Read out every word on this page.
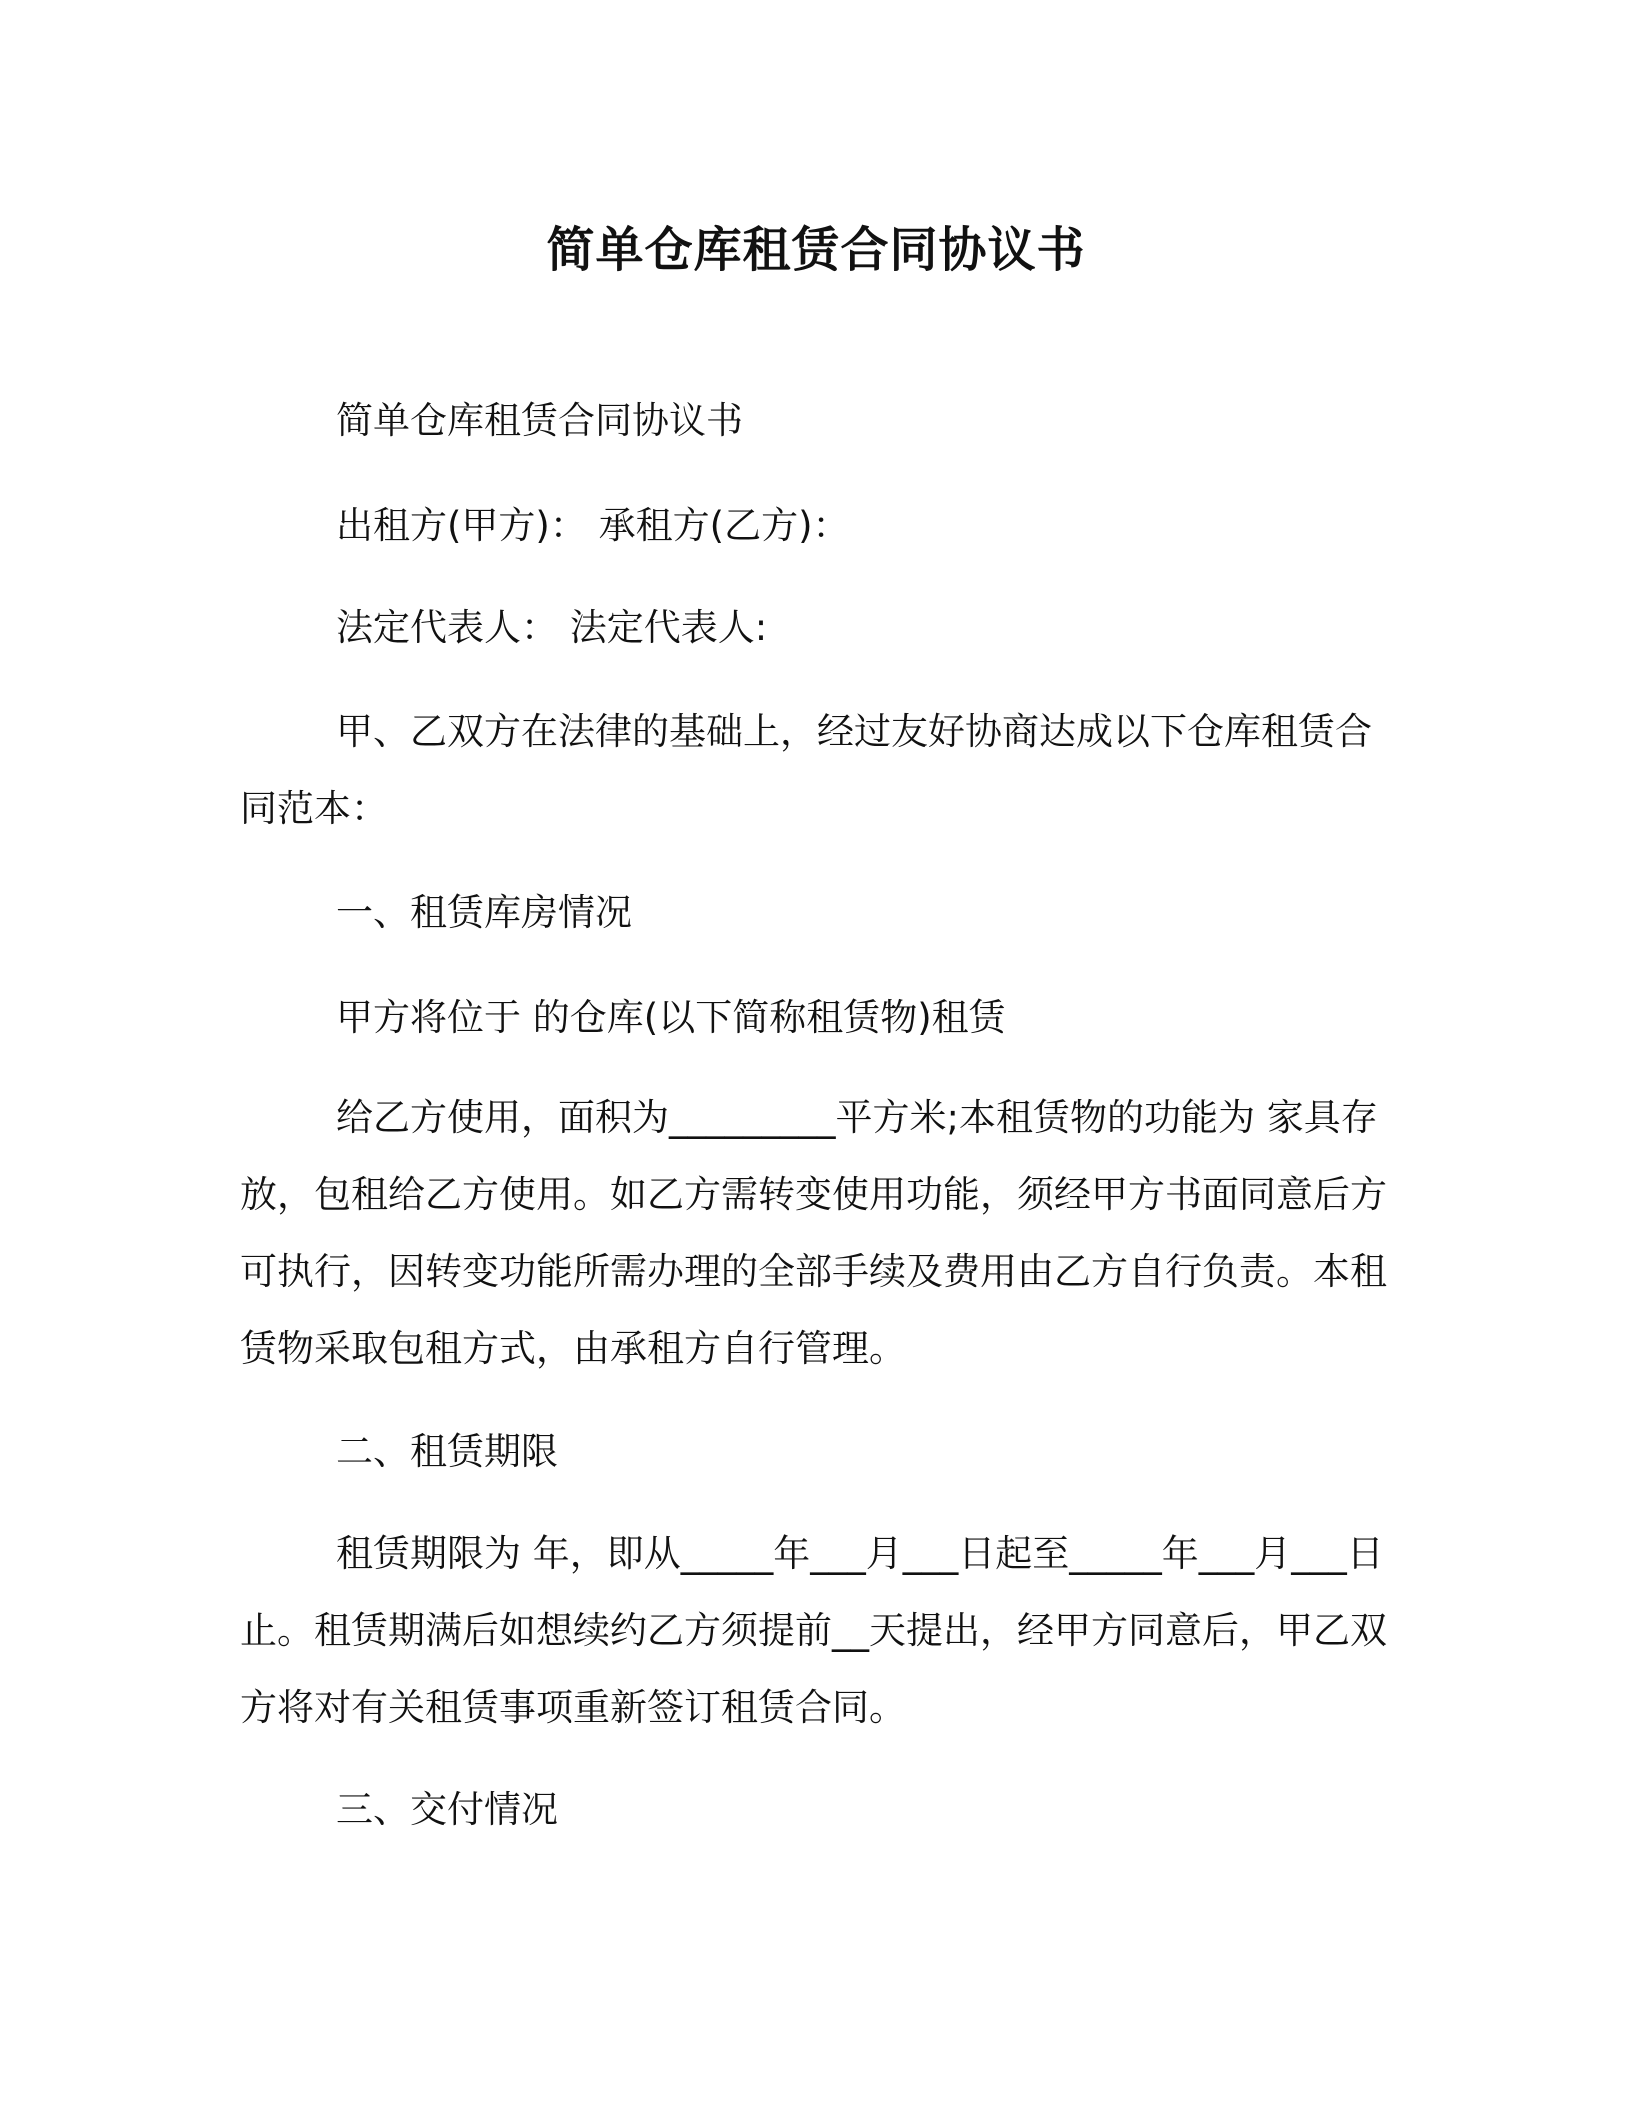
简单仓库租赁合同协议书

简单仓库租赁合同协议书

出租方(甲方)： 承租方(乙方)：

法定代表人： 法定代表人:

甲、乙双方在法律的基础上，经过友好协商达成以下仓库租赁合同范本：

一、租赁库房情况

甲方将位于 的仓库(以下简称租赁物)租赁

给乙方使用，面积为_________平方米;本租赁物的功能为 家具存放，包租给乙方使用。如乙方需转变使用功能，须经甲方书面同意后方可执行，因转变功能所需办理的全部手续及费用由乙方自行负责。本租赁物采取包租方式，由承租方自行管理。

二、租赁期限

租赁期限为 年，即从_____年___月___日起至_____年___月___日止。租赁期满后如想续约乙方须提前__天提出，经甲方同意后，甲乙双方将对有关租赁事项重新签订租赁合同。

三、交付情况
